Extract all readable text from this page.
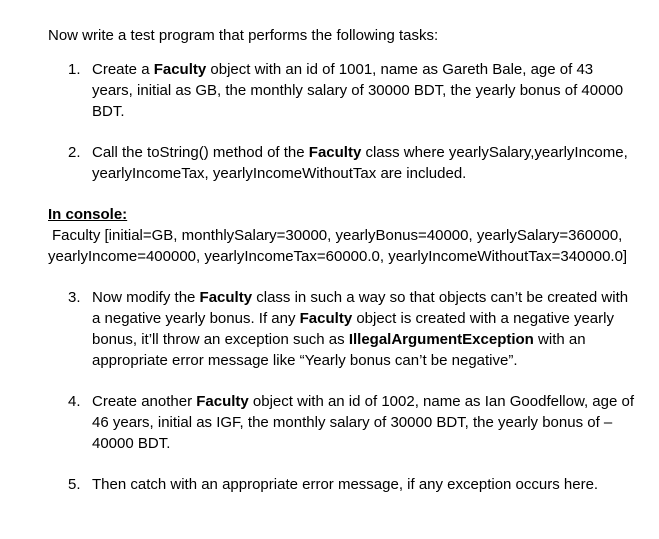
Now write a test program that performs the following tasks:

1. Create a Faculty object with an id of 1001, name as Gareth Bale, age of 43 years, initial as GB, the monthly salary of 30000 BDT, the yearly bonus of 40000 BDT.
2. Call the toString() method of the Faculty class where yearlySalary,yearlyIncome, yearlyIncomeTax, yearlyIncomeWithoutTax are included.
In console:
Faculty [initial=GB, monthlySalary=30000, yearlyBonus=40000, yearlySalary=360000,
yearlyIncome=400000, yearlyIncomeTax=60000.0, yearlyIncomeWithoutTax=340000.0]
3. Now modify the Faculty class in such a way so that objects can’t be created with a negative yearly bonus. If any Faculty object is created with a negative yearly bonus, it’ll throw an exception such as IllegalArgumentException with an appropriate error message like “Yearly bonus can’t be negative”.
4. Create another Faculty object with an id of 1002, name as Ian Goodfellow, age of 46 years, initial as IGF, the monthly salary of 30000 BDT, the yearly bonus of – 40000 BDT.
5. Then catch with an appropriate error message, if any exception occurs here.
